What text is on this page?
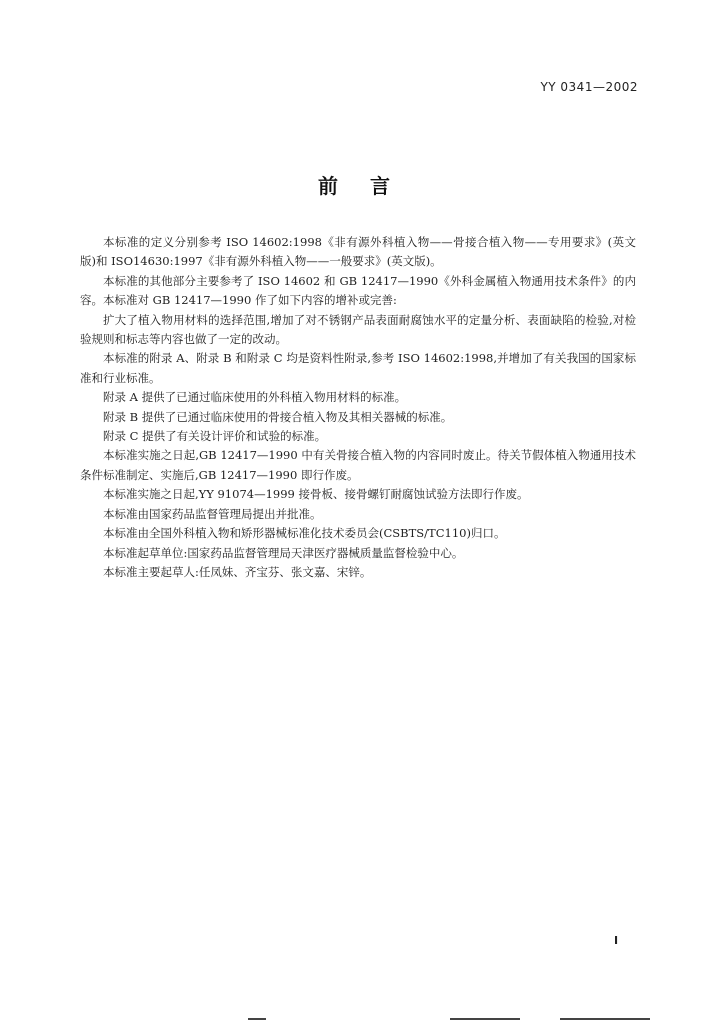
YY 0341—2002
前言

本标准的定义分别参考 ISO 14602:1998《非有源外科植入物——骨接合植入物——专用要求》(英文版)和 ISO14630:1997《非有源外科植入物——一般要求》(英文版)。

本标准的其他部分主要参考了 ISO 14602 和 GB 12417—1990《外科金属植入物通用技术条件》的内容。本标准对 GB 12417—1990 作了如下内容的增补或完善:

扩大了植入物用材料的选择范围,增加了对不锈钢产品表面耐腐蚀水平的定量分析、表面缺陷的检验,对检验规则和标志等内容也做了一定的改动。

本标准的附录 A、附录 B 和附录 C 均是资料性附录,参考 ISO 14602:1998,并增加了有关我国的国家标准和行业标准。

附录 A 提供了已通过临床使用的外科植入物用材料的标准。

附录 B 提供了已通过临床使用的骨接合植入物及其相关器械的标准。

附录 C 提供了有关设计评价和试验的标准。

本标准实施之日起,GB 12417—1990 中有关骨接合植入物的内容同时废止。待关节假体植入物通用技术条件标准制定、实施后,GB 12417—1990 即行作废。

本标准实施之日起,YY 91074—1999 接骨板、接骨螺钉耐腐蚀试验方法即行作废。

本标准由国家药品监督管理局提出并批准。

本标准由全国外科植入物和矫形器械标准化技术委员会(CSBTS/TC110)归口。

本标准起草单位:国家药品监督管理局天津医疗器械质量监督检验中心。

本标准主要起草人:任凤妹、齐宝芬、张文嘉、宋锌。

I
